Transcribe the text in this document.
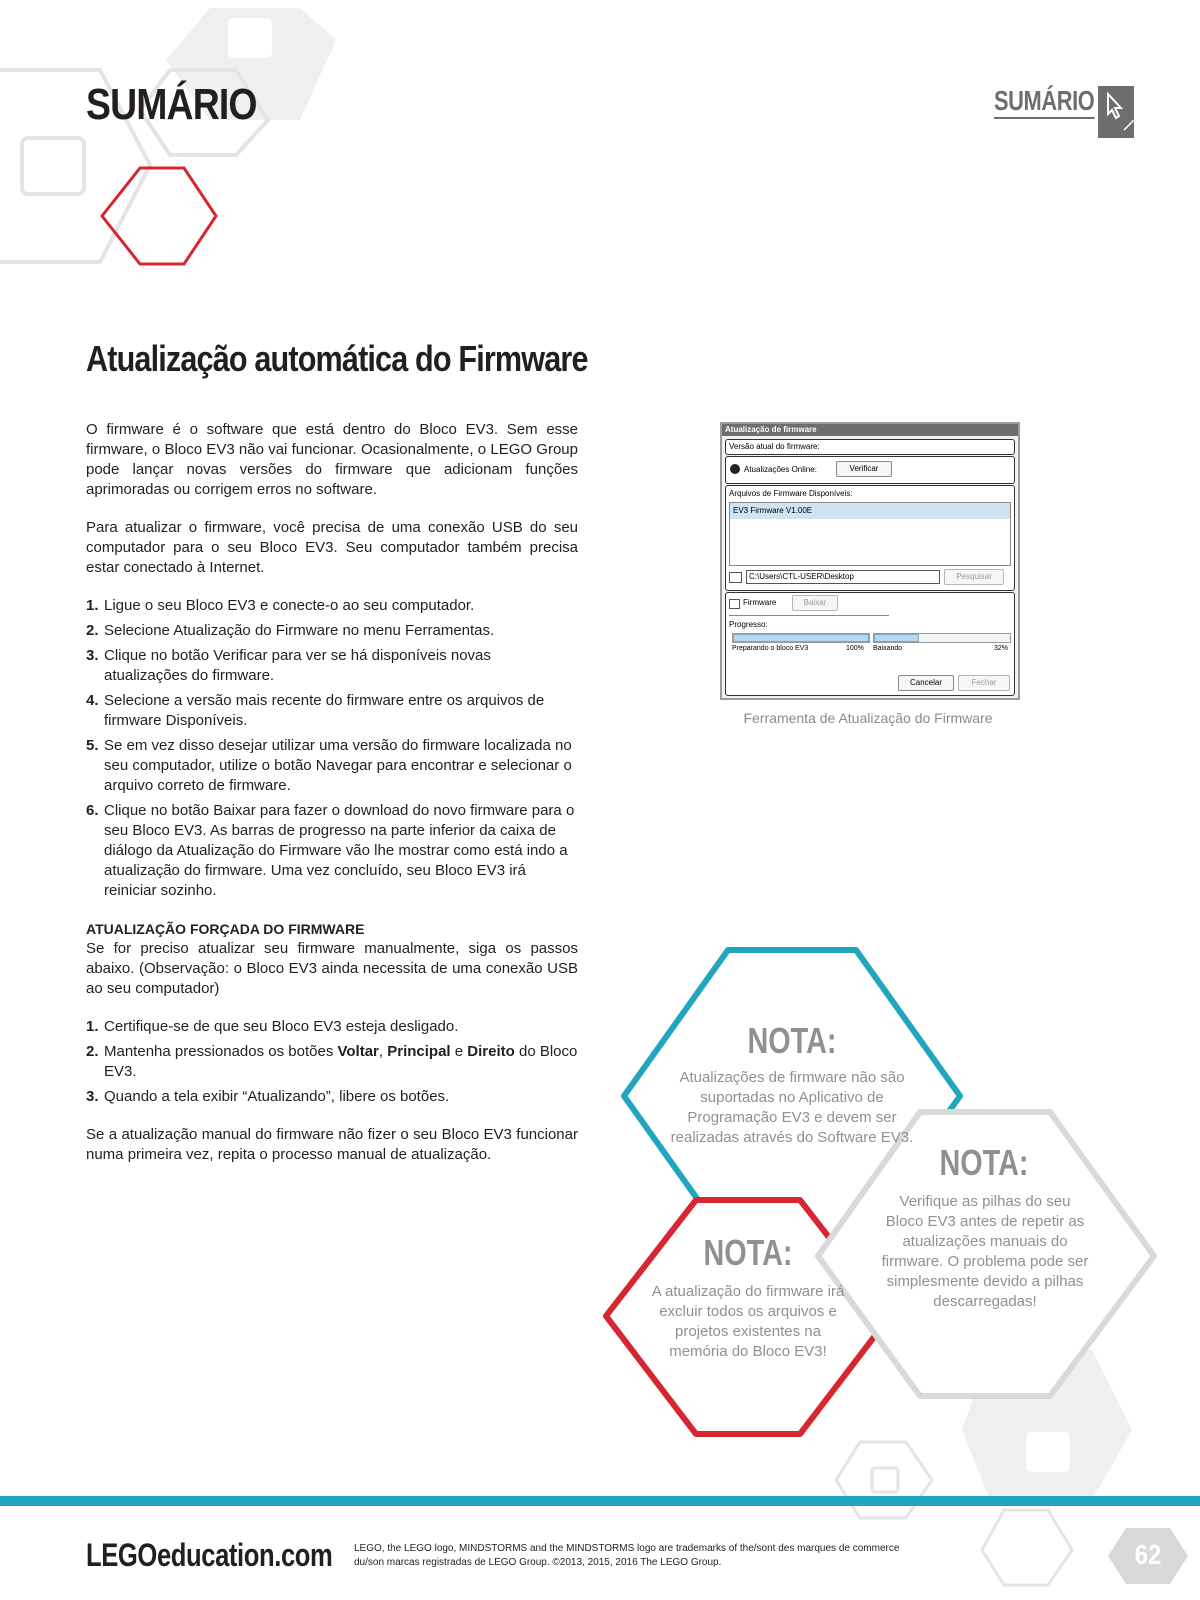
SUMÁRIO	SUMÁRIO
Atualização automática do Firmware

O firmware é o software que está dentro do Bloco EV3. Sem esse firmware, o Bloco EV3 não vai funcionar. Ocasionalmente, o LEGO Group pode lançar novas versões do firmware que adicionam funções aprimoradas ou corrigem erros no software.

Para atualizar o firmware, você precisa de uma conexão USB do seu computador para o seu Bloco EV3. Seu computador também precisa estar conectado à Internet.

1. Ligue o seu Bloco EV3 e conecte-o ao seu computador.
2. Selecione Atualização do Firmware no menu Ferramentas.
3. Clique no botão Verificar para ver se há disponíveis novas atualizações do firmware.
4. Selecione a versão mais recente do firmware entre os arquivos de firmware Disponíveis.
5. Se em vez disso desejar utilizar uma versão do firmware localizada no seu computador, utilize o botão Navegar para encontrar e selecionar o arquivo correto de firmware.
6. Clique no botão Baixar para fazer o download do novo firmware para o seu Bloco EV3. As barras de progresso na parte inferior da caixa de diálogo da Atualização do Firmware vão lhe mostrar como está indo a atualização do firmware. Uma vez concluído, seu Bloco EV3 irá reiniciar sozinho.
ATUALIZAÇÃO FORÇADA DO FIRMWARE

Se for preciso atualizar seu firmware manualmente, siga os passos abaixo. (Observação: o Bloco EV3 ainda necessita de uma conexão USB ao seu computador)

1. Certifique-se de que seu Bloco EV3 esteja desligado.
2. Mantenha pressionados os botões Voltar, Principal e Direito do Bloco EV3.
3. Quando a tela exibir “Atualizando”, libere os botões.

Se a atualização manual do firmware não fizer o seu Bloco EV3 funcionar numa primeira vez, repita o processo manual de atualização.

Atualização de firmware
Versão atual do firmware:
Atualizações Online:	Verificar
Arquivos de Firmware Disponíveis:
EV3 Firmware V1.00E
C:\Users\CTL-USER\Desktop	Pesquisar
Firmware	Baixar
Progresso:
Preparando o bloco EV3	100% Baixando	32%
Cancelar	Fechar
Ferramenta de Atualização do Firmware
NOTA:
Atualizações de firmware não são suportadas no Aplicativo de Programação EV3 e devem ser realizadas através do Software EV3.
NOTA:
Verifique as pilhas do seu Bloco EV3 antes de repetir as atualizações manuais do firmware. O problema pode ser simplesmente devido a pilhas descarregadas!
NOTA:
A atualização do firmware irá excluir todos os arquivos e projetos existentes na memória do Bloco EV3!
LEGOeducation.com LEGO, the LEGO logo, MINDSTORMS and the MINDSTORMS logo are trademarks of the/sont des marques de commerce du/son marcas registradas de LEGO Group. ©2013, 2015, 2016 The LEGO Group.	62
